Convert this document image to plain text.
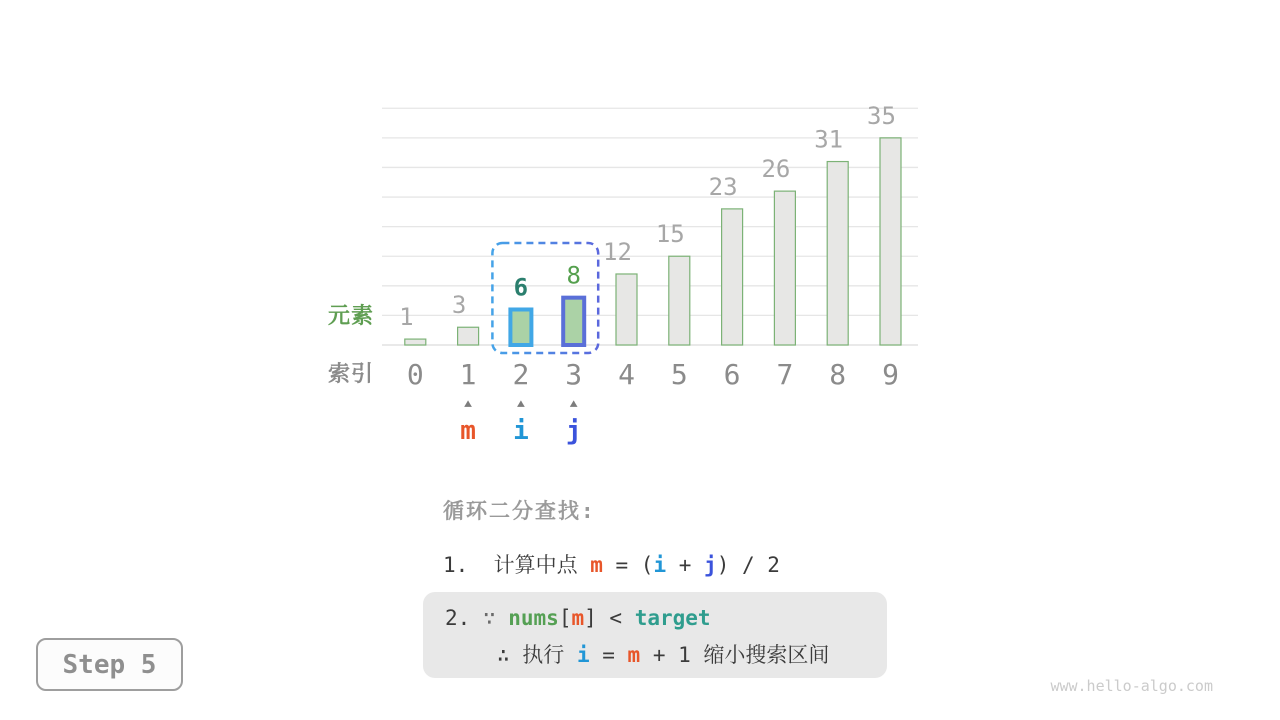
1 3
6 8
12
15
23
26
31
35
元素
索引 0 1 2 3 4 5 6 7 8 9
▲
m
▲
i
▲
j
循环二分查找:
1.  计算中点 m = (i + j) / 2
2. ∵ nums[m] < target
∴ 执行 i = m + 1 缩小搜索区间
Step 5
www.hello-algo.com
